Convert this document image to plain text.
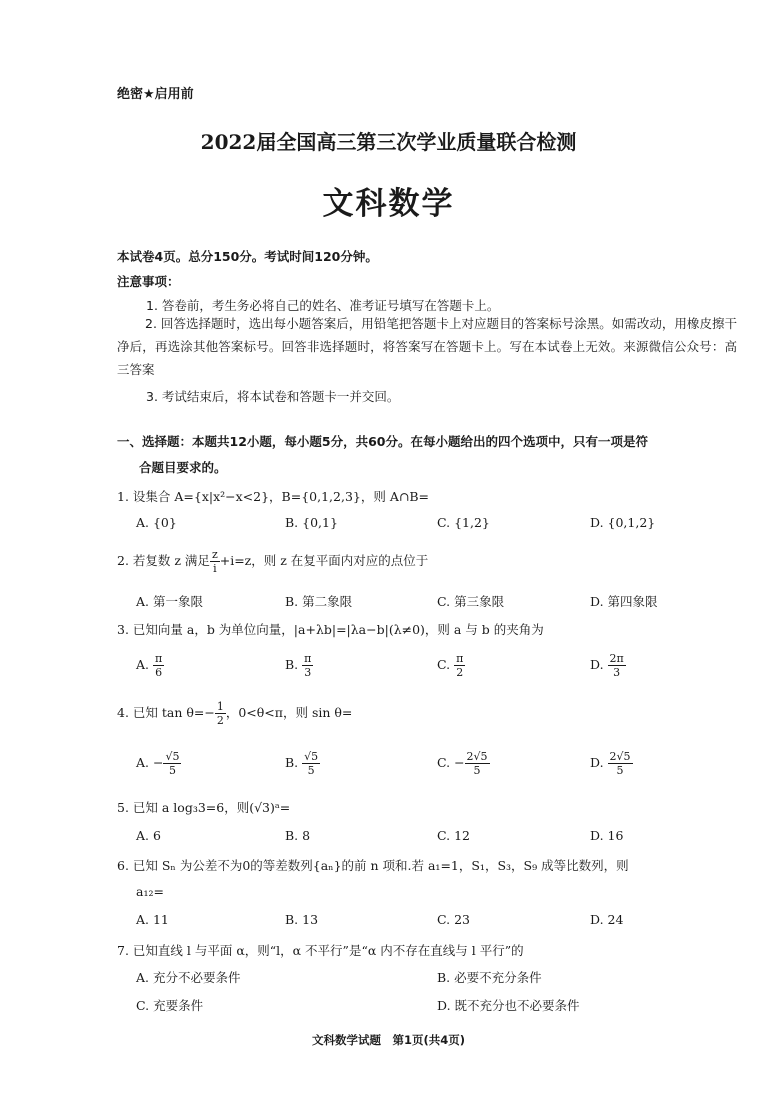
绝密★启用前
2022届全国高三第三次学业质量联合检测
文科数学
本试卷4页。总分150分。考试时间120分钟。
注意事项：
1. 答卷前，考生务必将自己的姓名、准考证号填写在答题卡上。
2. 回答选择题时，选出每小题答案后，用铅笔把答题卡上对应题目的答案标号涂黑。如需改动，用橡皮擦干净后，再选涂其他答案标号。回答非选择题时，将答案写在答题卡上。写在本试卷上无效。来源微信公众号：高三答案
3. 考试结束后，将本试卷和答题卡一并交回。
一、选择题：本题共12小题，每小题5分，共60分。在每小题给出的四个选项中，只有一项是符
合题目要求的。
1. 设集合 A={x|x²−x<2}，B={0,1,2,3}，则 A∩B=
A. {0}	B. {0,1}	C. {1,2}	D. {0,1,2}
2. 若复数 z 满足 $\frac{z}{i} +i=z$，则 z 在复平面内对应的点位于
A. 第一象限	B. 第二象限	C. 第三象限	D. 第四象限
3. 已知向量 a，b 为单位向量，|a+λb|=|λa−b|(λ≠0)，则 a 与 b 的夹角为
A. $\frac{\pi}{6}$	B. $\frac{\pi}{3}$	C. $\frac{\pi}{2}$	D. $\frac{2\pi}{3}$
4. 已知 $\tan \theta=- \frac{1}{2}$ ，0<θ<π，则 sin θ=
A. − $\frac{√5}{5}$	B. $\frac{√5}{5}$	C. − $\frac{2√5}{5}$	D. $\frac{2√5}{5}$
5. 已知 a log₃3=6，则(√3)ᵃ=
A. 6	B. 8	C. 12	D. 16
6. 已知 Sₙ 为公差不为0的等差数列{aₙ}的前 n 项和.若 a₁=1，S₁，S₃，S₉ 成等比数列，则
a₁₂=
A. 11	B. 13	C. 23	D. 24
7. 已知直线 l 与平面 α，则“l，α 不平行”是“α 内不存在直线与 l 平行”的
A. 充分不必要条件	B. 必要不充分条件
C. 充要条件	D. 既不充分也不必要条件
文科数学试题　第1页(共4页)
